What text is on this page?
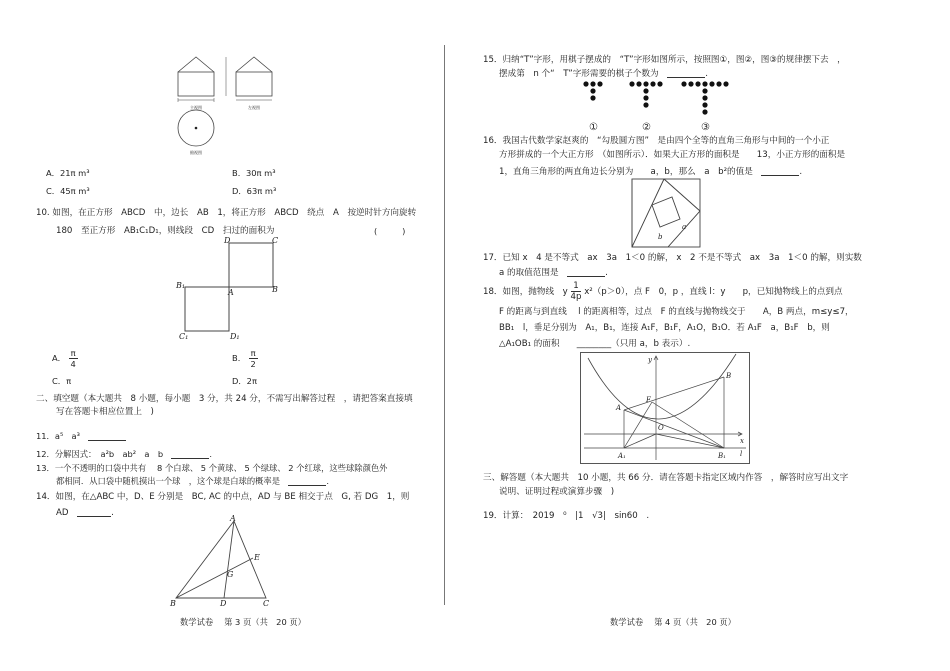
主视图	左视图
俯视图
A．21π m³	B．30π m³
C．45π m³	D．63π m³
10. 如图，在正方形　ABCD　中，边长　AB　1，将正方形　ABCD　绕点　A　按逆时针方向旋转
180　至正方形　AB₁C₁D₁，则线段　CD　扫过的面积为	(　　　)
D	C
B₁
A	B
C₁	D₁
A． $\frac{\pi}{4}$	B． $\frac{\pi}{2}$
C．π	D．2π
二、填空题（本大题共　8 小题，每小题　3 分，共 24 分，不需写出解答过程　，请把答案直接填
写在答题卡相应位置上　)
11．a⁵　a³　
12．分解因式：　a²b　ab²　a　b　	.
13．一个不透明的口袋中共有　 8 个白球、 5 个黄球、 5 个绿球、 2 个红球，这些球除颜色外
都相同．从口袋中随机摸出一个球　，这个球是白球的概率是　	.
14．如图，在△ABC 中，D、E 分别是　BC, AC 的中点，AD 与 BE 相交于点　G, 若 DG　1，则
AD　	.
A
E
G
B	D	C
数学试卷　 第 3 页（共　20 页）
15．归纳“T”字形，用棋子摆成的　“T”字形如图所示，按照图①，图②，图③的规律摆下去　，
摆成第　n 个“　T”字形需要的棋子个数为　	.
①	②	③
16．我国古代数学家赵爽的　“勾股圆方图”　是由四个全等的直角三角形与中间的一个小正
方形拼成的一个大正方形　（如图所示）．如果大正方形的面积是　　13，小正方形的面积是
1，直角三角形的两直角边长分别为　　a，b，那么　a　b²的值是　	.
a
b
17．已知 x　4 是不等式　ax　3a　1＜0 的解， x　2 不是不等式　ax　3a　1＜0 的解，则实数
a 的取值范围是　	.
18．如图，抛物线　y $\frac{1}{4p} x^2(p>0)$，点 F　0，p ，直线 l：y　　p，已知抛物线上的点到点
F 的距离与到直线　 l 的距离相等，过点　F 的直线与抛物线交于　　A，B 两点，m≤y≤7，
BB₁　l，垂足分别为　A₁，B₁，连接 A₁F，B₁F，A₁O，B₁O．若 A₁F　a，B₁F　b，则
△A₁OB₁ 的面积　　________（只用 a，b 表示）.
y
x
B
F
A
O
A₁	B₁ l
三、解答题（本大题共　10 小题，共 66 分．请在答题卡指定区域内作答　，解答时应写出文字
说明、证明过程或演算步骤　)
19．计算：　2019　⁰　|1　√3|　sin60　.
数学试卷　 第 4 页（共　20 页）
